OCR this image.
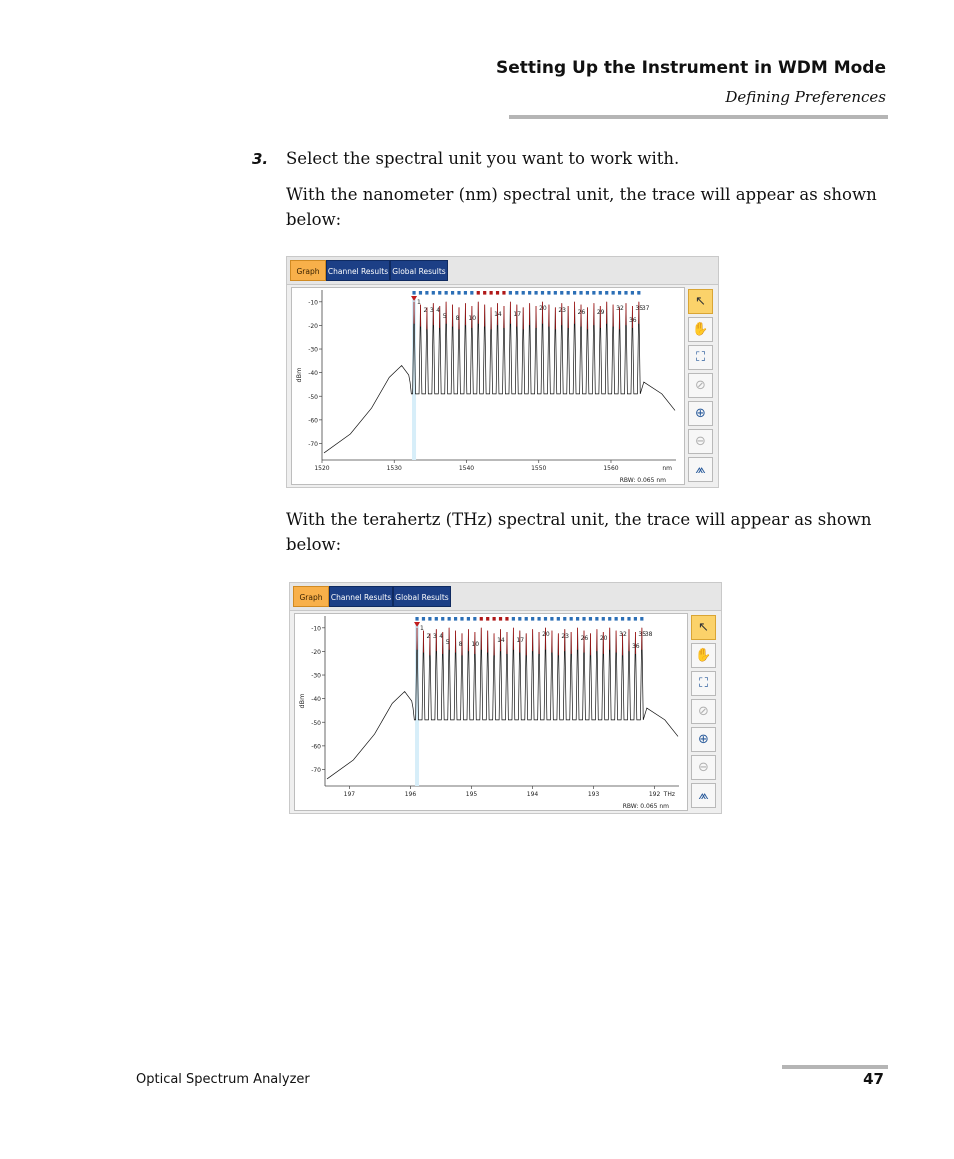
Setting Up the Instrument in WDM Mode
Defining Preferences
3. Select the spectral unit you want to work with.
With the nanometer (nm) spectral unit, the trace will appear as shown below:
Graph	Channel Results Global Results
-10
-20
-30
-40
-50
-60
-70
dBm
1520	1530	1540	1550	1560	nm
RBW: 0.065 nm
1
2 3 4
5 8 10
14 17
20 23 26 29
32 35
37
36
↖
✋
⛶
⊘
⊕
⊖
⩕
With the terahertz (THz) spectral unit, the trace will appear as shown below:
Graph	Channel Results Global Results
-10
-20
-30
-40
-50
-60
-70
dBm
197	196	195	194	193	192 THz
RBW: 0.065 nm
1
2 3 4
5 8 10
14 17
20 23 26 20
32 35
38
36
↖
✋
⛶
⊘
⊕
⊖
⩕
Optical Spectrum Analyzer	47
